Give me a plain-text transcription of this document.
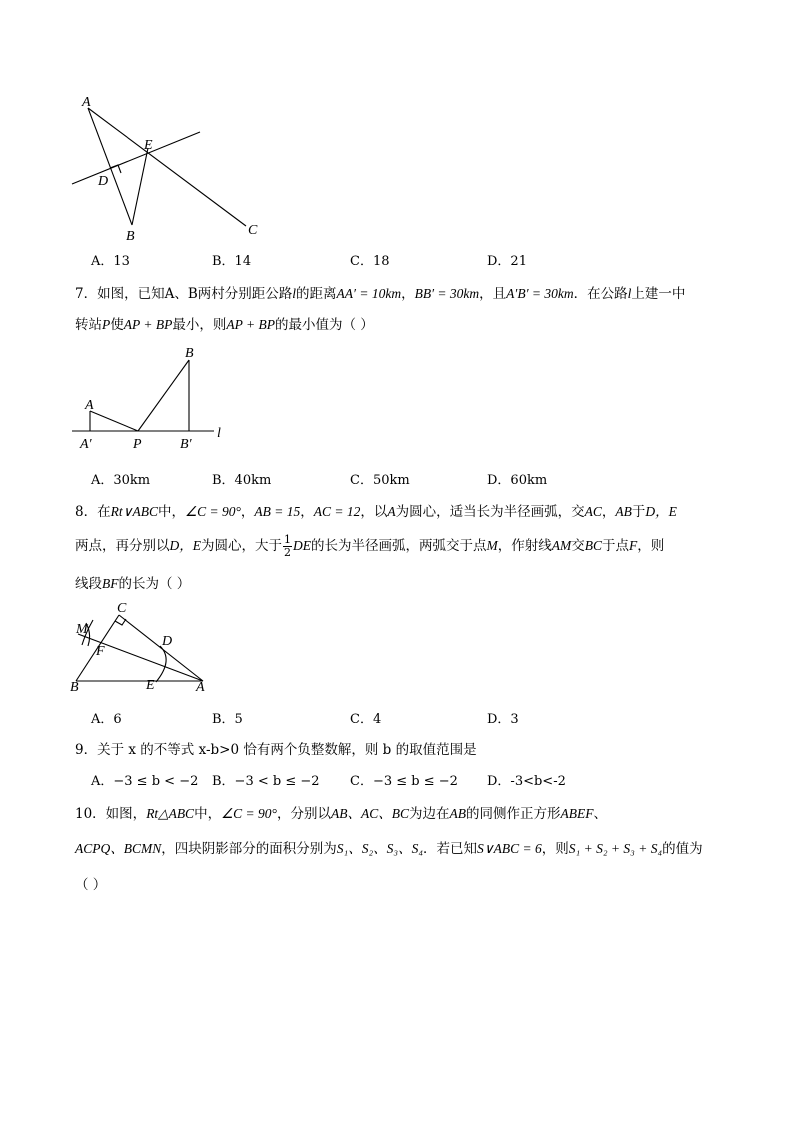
A
E
D
B	C
A．13	B．14	C．18	D．21
7．如图，已知A、B两村分别距公路l的距离AA′ = 10km，BB′ = 30km，且A′B′ = 30km．在公路l上建一中
转站P使AP + BP最小，则AP + BP的最小值为（ ）
B
A
A′	P	B′
l
A．30km	B．40km	C．50km	D．60km
8．在Rt∨ABC中，∠C = 90°，AB = 15，AC = 12，以A为圆心，适当长为半径画弧，交AC，AB于D，E
两点，再分别以D，E为圆心，大于 $\frac{1}{2}$ DE的长为半径画弧，两弧交于点M，作射线AM交BC于点F，则
线段BF的长为（ ）
C
M
D
F
B	E	A
A．6	B．5	C．4	D．3
9．关于 x 的不等式 x-b>0 恰有两个负整数解，则 b 的取值范围是
A．−3 ≤ b < −2 B．−3 < b ≤ −2 C．−3 ≤ b ≤ −2 D．-3<b<-2
10．如图，Rt△ABC中，∠C = 90°，分别以AB、AC、BC为边在AB的同侧作正方形ABEF、
ACPQ、BCMN，四块阴影部分的面积分别为S₁、S₂、S₃、S₄．若已知S∨ABC = 6，则S₁ + S₂ + S₃ + S₄的值为
（ ）
